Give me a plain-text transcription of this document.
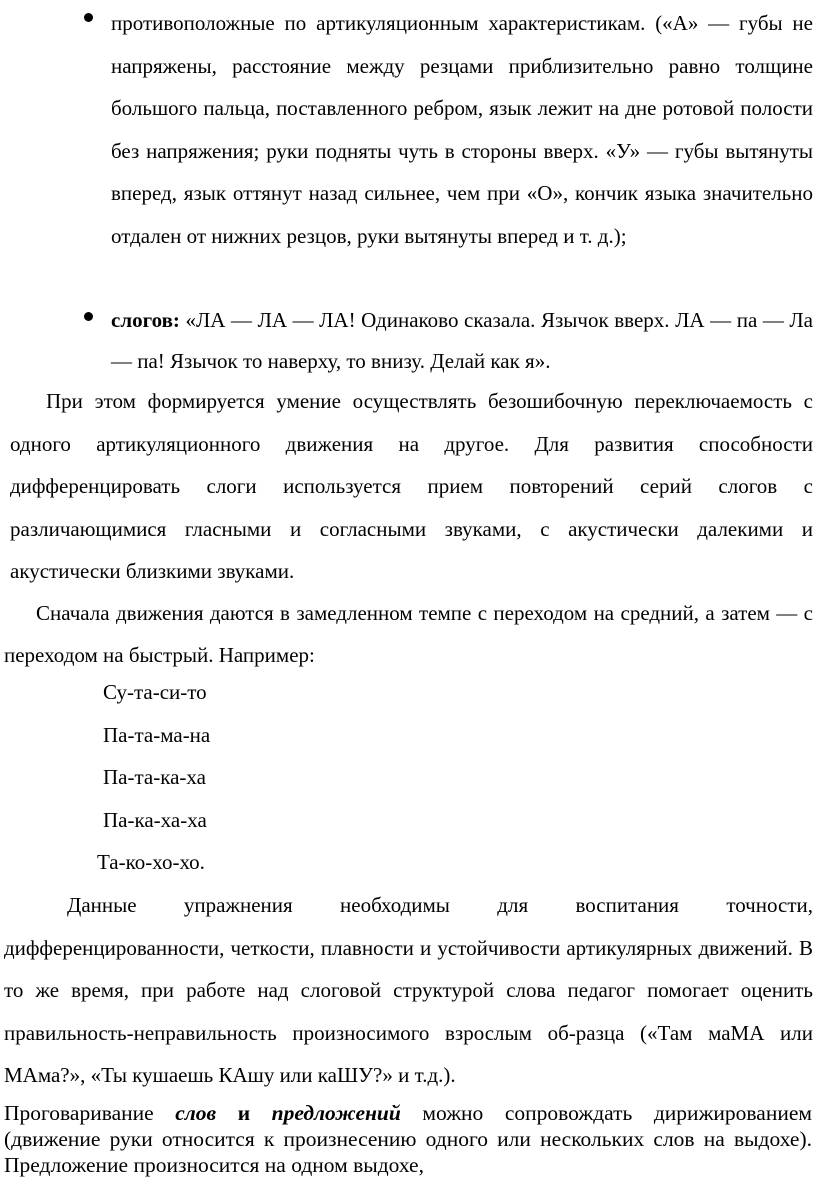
противоположные по артикуляционным характеристикам. («А» — губы не напряжены, расстояние между резцами приблизительно равно толщине большого пальца, поставленного ребром, язык лежит на дне ротовой полости без напряжения; руки подняты чуть в стороны вверх. «У» — губы вытянуты вперед, язык оттянут назад сильнее, чем при «О», кончик языка значительно отдален от нижних резцов, руки вытянуты вперед и т. д.);

слогов: «ЛА — ЛА — ЛА! Одинаково сказала. Язычок вверх. ЛА — па — Ла — па! Язычок то наверху, то внизу. Делай как я».

При этом формируется умение осуществлять безошибочную переключаемость с одного артикуляционного движения на другое. Для развития способности дифференцировать слоги используется прием повторений серий слогов с различающимися гласными и согласными звуками, с акустически далекими и акустически близкими звуками.

Сначала движения даются в замедленном темпе с переходом на средний, а затем — с переходом на быстрый. Например:

Су-та-си-то

Па-та-ма-на

Па-та-ка-ха

Па-ка-ха-ха

Та-ко-хо-хо.

Данные упражнения необходимы для воспитания точности, дифференцированности, четкости, плавности и устойчивости артикулярных движений. В то же время, при работе над слоговой структурой слова педагог помогает оценить правильность-неправильность произносимого взрослым об-разца («Там маМА или МАма?», «Ты кушаешь КАшу или каШУ?» и т.д.).

Проговаривание слов и предложений можно сопровождать дирижированием (движение руки относится к произнесению одного или нескольких слов на выдохе). Предложение произносится на одном выдохе,
